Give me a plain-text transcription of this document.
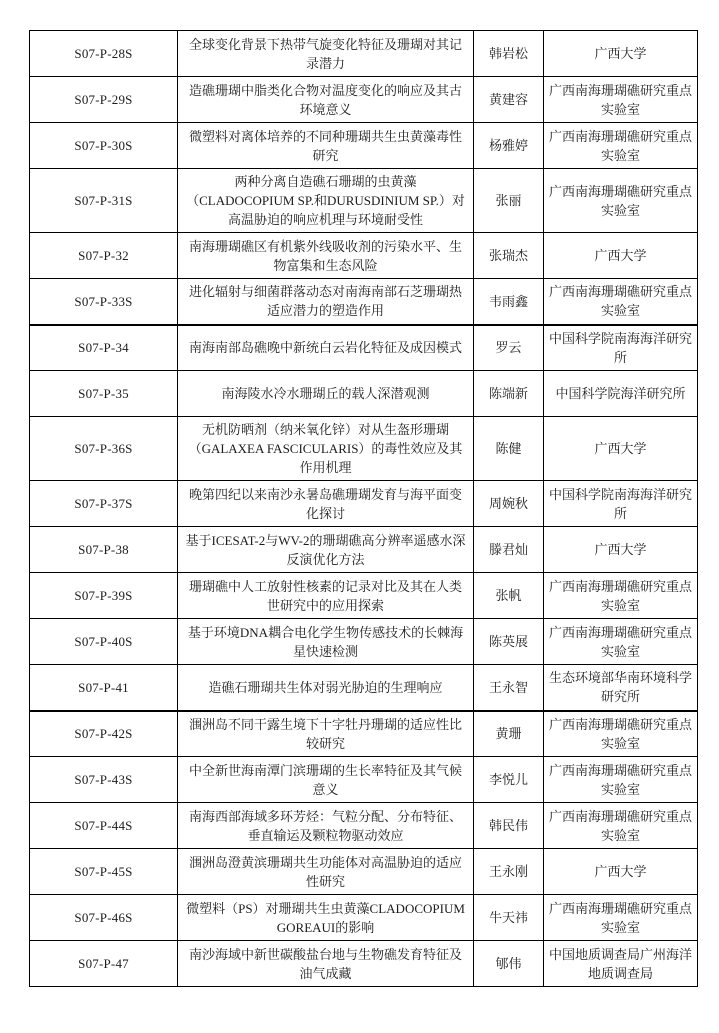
S07-P-28S	全球变化背景下热带气旋变化特征及珊瑚对其记录潜力	韩岩松	广西大学
S07-P-29S	造礁珊瑚中脂类化合物对温度变化的响应及其古环境意义	黄建容	广西南海珊瑚礁研究重点实验室
S07-P-30S	微塑料对离体培养的不同种珊瑚共生虫黄藻毒性研究	杨雅婷	广西南海珊瑚礁研究重点实验室
S07-P-31S	两种分离自造礁石珊瑚的虫黄藻（CLADOCOPIUM SP.和DURUSDINIUM SP.）对高温胁迫的响应机理与环境耐受性	张丽	广西南海珊瑚礁研究重点实验室
S07-P-32	南海珊瑚礁区有机紫外线吸收剂的污染水平、生物富集和生态风险	张瑞杰	广西大学
S07-P-33S	进化辐射与细菌群落动态对南海南部石芝珊瑚热适应潜力的塑造作用	韦雨鑫	广西南海珊瑚礁研究重点实验室
S07-P-34	南海南部岛礁晚中新统白云岩化特征及成因模式	罗云	中国科学院南海海洋研究所
S07-P-35	南海陵水冷水珊瑚丘的载人深潜观测	陈端新	中国科学院海洋研究所
S07-P-36S	无机防晒剂（纳米氧化锌）对从生盔形珊瑚（GALAXEA FASCICULARIS）的毒性效应及其作用机理	陈健	广西大学
S07-P-37S	晚第四纪以来南沙永暑岛礁珊瑚发育与海平面变化探讨	周婉秋	中国科学院南海海洋研究所
S07-P-38	基于ICESAT-2与WV-2的珊瑚礁高分辨率遥感水深反演优化方法	滕君灿	广西大学
S07-P-39S	珊瑚礁中人工放射性核素的记录对比及其在人类世研究中的应用探索	张帆	广西南海珊瑚礁研究重点实验室
S07-P-40S	基于环境DNA耦合电化学生物传感技术的长棘海星快速检测	陈英展	广西南海珊瑚礁研究重点实验室
S07-P-41	造礁石珊瑚共生体对弱光胁迫的生理响应	王永智	生态环境部华南环境科学研究所
S07-P-42S	涠洲岛不同干露生境下十字牡丹珊瑚的适应性比较研究	黄珊	广西南海珊瑚礁研究重点实验室
S07-P-43S	中全新世海南潭门滨珊瑚的生长率特征及其气候意义	李悦儿	广西南海珊瑚礁研究重点实验室
S07-P-44S	南海西部海域多环芳烃：气粒分配、分布特征、垂直输运及颗粒物驱动效应	韩民伟	广西南海珊瑚礁研究重点实验室
S07-P-45S	涠洲岛澄黄滨珊瑚共生功能体对高温胁迫的适应性研究	王永刚	广西大学
S07-P-46S	微塑料（PS）对珊瑚共生虫黄藻CLADOCOPIUM GOREAUI的影响	牛天祎	广西南海珊瑚礁研究重点实验室
S07-P-47	南沙海域中新世碳酸盐台地与生物礁发育特征及油气成藏	郇伟	中国地质调查局广州海洋地质调查局
